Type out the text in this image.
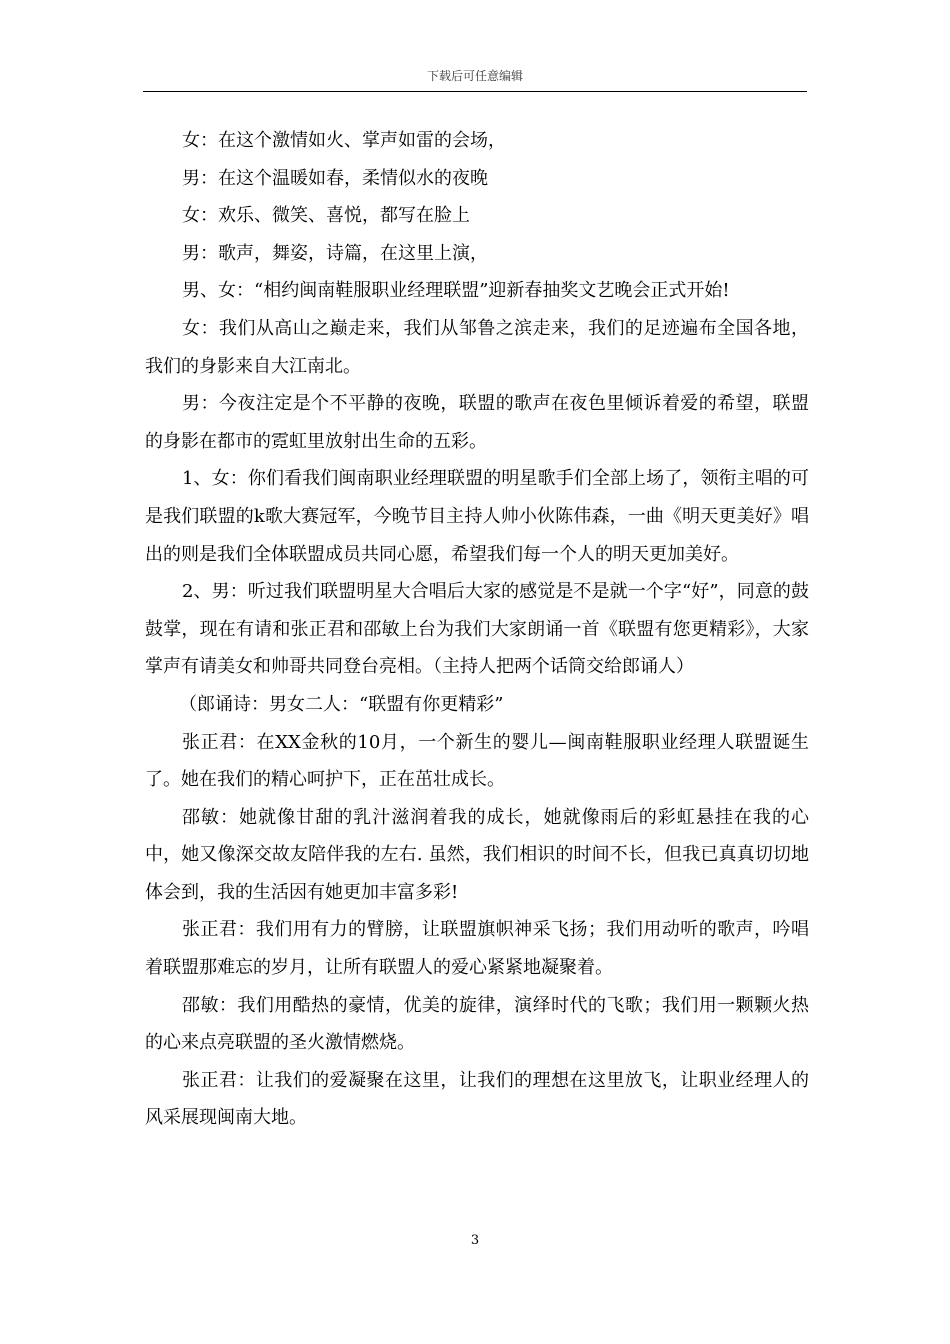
下载后可任意编辑

女：在这个激情如火、掌声如雷的会场，

男：在这个温暖如春，柔情似水的夜晚

女：欢乐、微笑、喜悦，都写在脸上

男：歌声，舞姿，诗篇，在这里上演，

男、女：“相约闽南鞋服职业经理联盟”迎新春抽奖文艺晚会正式开始!

女：我们从高山之巅走来，我们从邹鲁之滨走来，我们的足迹遍布全国各地，我们的身影来自大江南北。

男：今夜注定是个不平静的夜晚，联盟的歌声在夜色里倾诉着爱的希望，联盟的身影在都市的霓虹里放射出生命的五彩。

1、女：你们看我们闽南职业经理联盟的明星歌手们全部上场了，领衔主唱的可是我们联盟的k歌大赛冠军，今晚节目主持人帅小伙陈伟森，一曲《明天更美好》唱出的则是我们全体联盟成员共同心愿，希望我们每一个人的明天更加美好。

2、男：听过我们联盟明星大合唱后大家的感觉是不是就一个字“好”，同意的鼓鼓掌，现在有请和张正君和邵敏上台为我们大家朗诵一首《联盟有您更精彩》，大家掌声有请美女和帅哥共同登台亮相。（主持人把两个话筒交给郎诵人）

（郎诵诗：男女二人：“联盟有你更精彩”

张正君：在XX金秋的10月，一个新生的婴儿—闽南鞋服职业经理人联盟诞生了。她在我们的精心呵护下，正在茁壮成长。

邵敏：她就像甘甜的乳汁滋润着我的成长，她就像雨后的彩虹悬挂在我的心中，她又像深交故友陪伴我的左右. 虽然，我们相识的时间不长，但我已真真切切地体会到，我的生活因有她更加丰富多彩!

张正君：我们用有力的臂膀，让联盟旗帜神采飞扬；我们用动听的歌声，吟唱着联盟那难忘的岁月，让所有联盟人的爱心紧紧地凝聚着。

邵敏：我们用酷热的豪情，优美的旋律，演绎时代的飞歌；我们用一颗颗火热的心来点亮联盟的圣火激情燃烧。

张正君：让我们的爱凝聚在这里，让我们的理想在这里放飞，让职业经理人的风采展现闽南大地。

3
